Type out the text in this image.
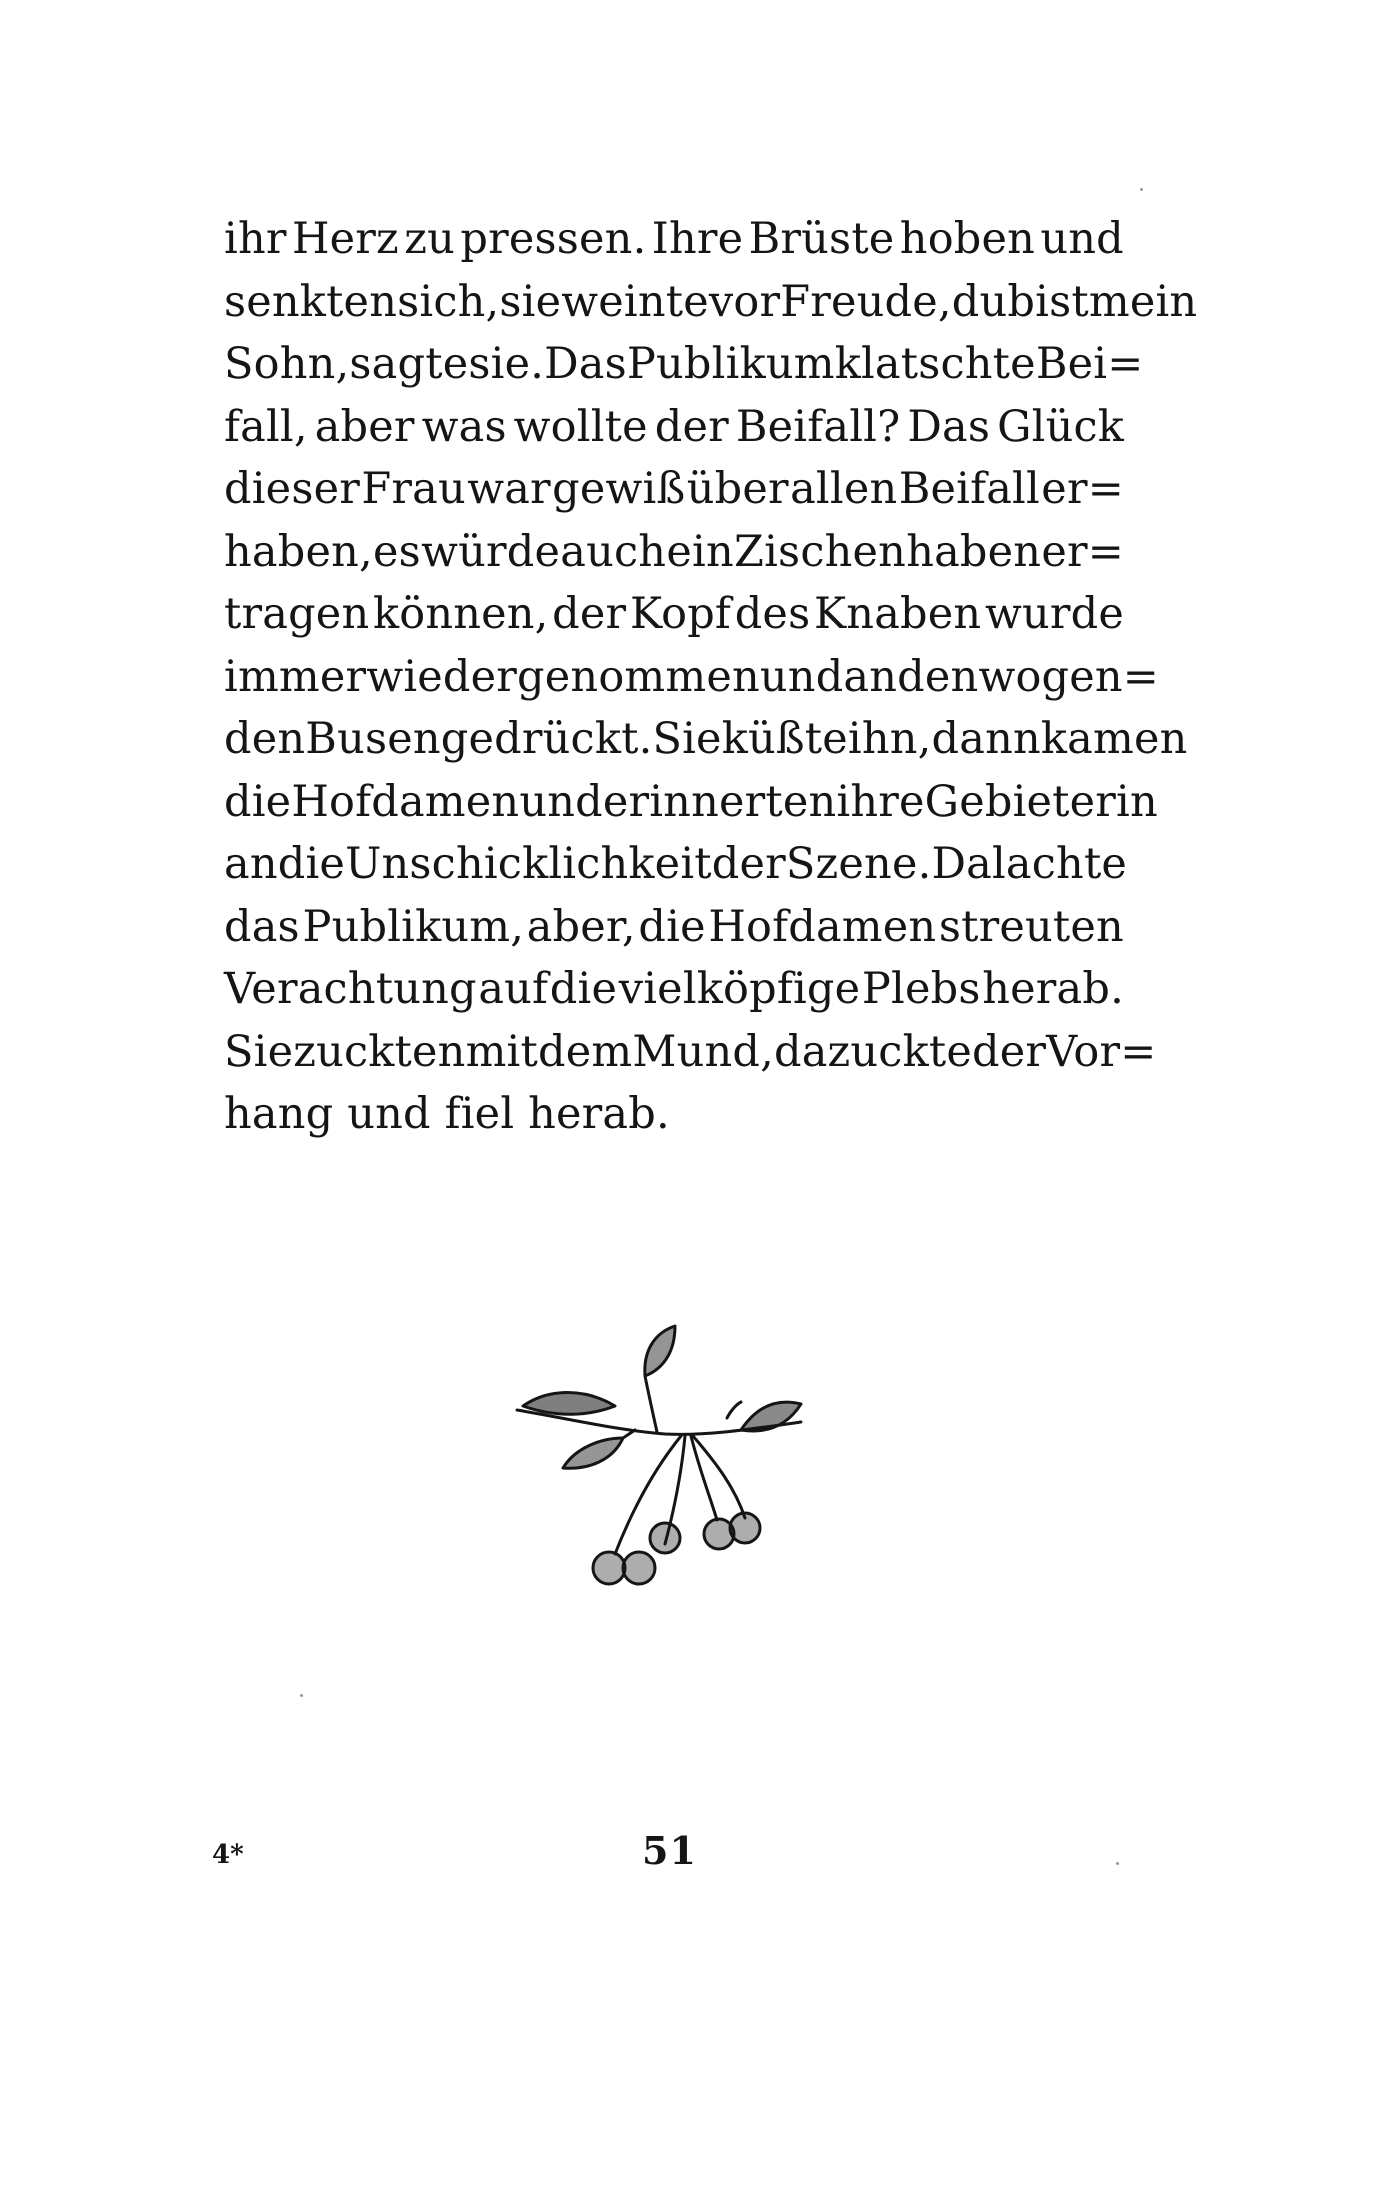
ihr Herz zu pressen. Ihre Brüste hoben und
senkten sich, sie weinte vor Freude, du bist mein
Sohn, sagte sie. Das Publikum klatschte Bei=
fall, aber was wollte der Beifall? Das Glück
dieser Frau war gewiß über allen Beifall er=
haben, es würde auch ein Zischen haben er=
tragen können, der Kopf des Knaben wurde
immer wieder genommen und an den wogen=
den Busen gedrückt. Sie küßte ihn, dann kamen
die Hofdamen und erinnerten ihre Gebieterin
an die Unschicklichkeit der Szene. Da lachte
das Publikum, aber, die Hofdamen streuten
Verachtung auf die vielköpfige Plebs herab.
Sie zuckten mit dem Mund, da zuckte der Vor=
hang und fiel herab.
4*	51
